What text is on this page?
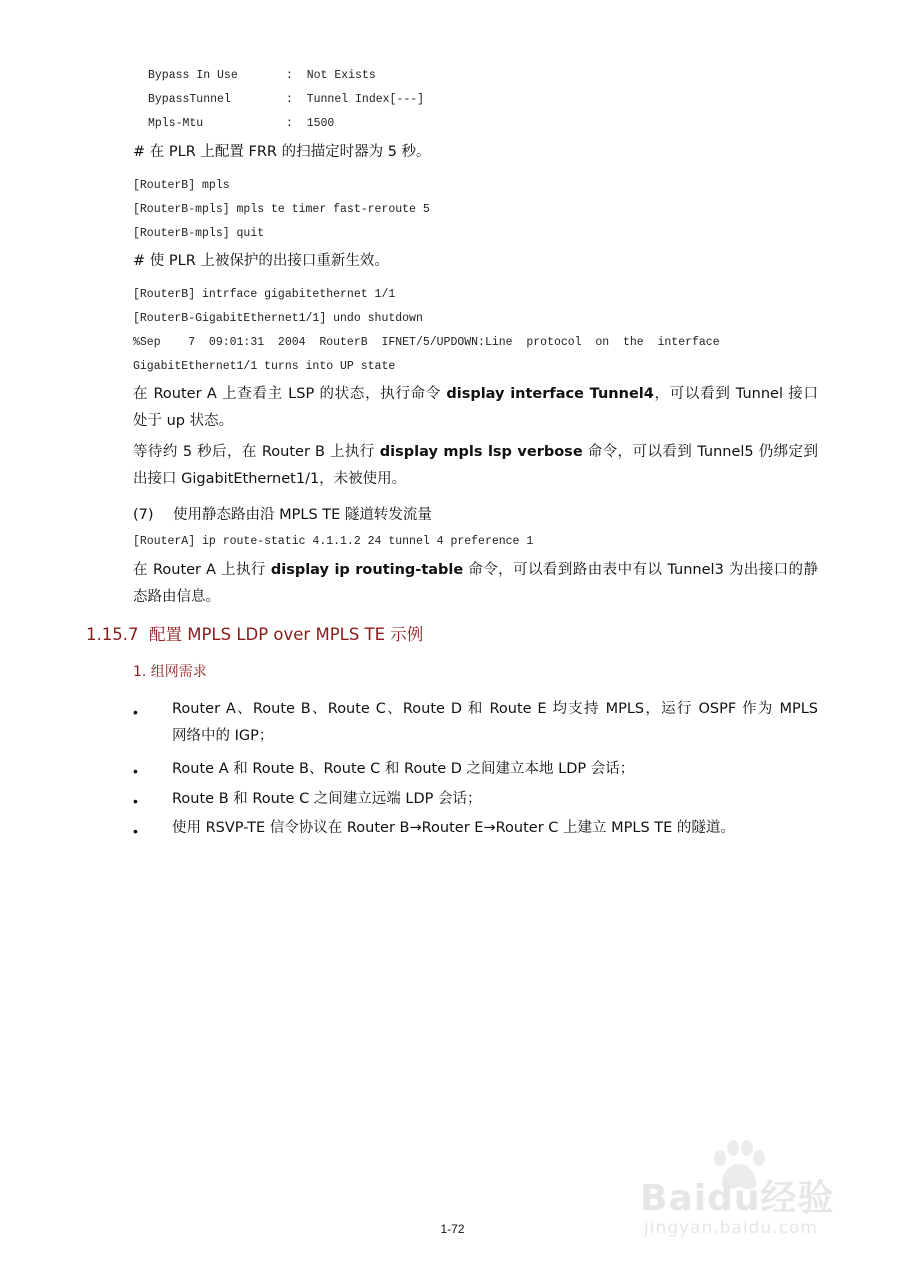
Bypass In Use       :  Not Exists
BypassTunnel        :  Tunnel Index[---]
Mpls-Mtu            :  1500

# 在 PLR 上配置 FRR 的扫描定时器为 5 秒。

[RouterB] mpls
[RouterB-mpls] mpls te timer fast-reroute 5
[RouterB-mpls] quit

# 使 PLR 上被保护的出接口重新生效。

[RouterB] intrface gigabitethernet 1/1
[RouterB-GigabitEthernet1/1] undo shutdown
%Sep    7  09:01:31  2004  RouterB  IFNET/5/UPDOWN:Line  protocol  on  the  interface
GigabitEthernet1/1 turns into UP state
在 Router A 上查看主 LSP 的状态，执行命令 display interface Tunnel4，可以看到 Tunnel 接口
处于 up 状态。
等待约 5 秒后，在 Router B 上执行 display mpls lsp verbose 命令，可以看到 Tunnel5 仍绑定到
出接口 GigabitEthernet1/1，未被使用。

(7) 使用静态路由沿 MPLS TE 隧道转发流量

[RouterA] ip route-static 4.1.1.2 24 tunnel 4 preference 1
在 Router A 上执行 display ip routing-table 命令，可以看到路由表中有以 Tunnel3 为出接口的静
态路由信息。
1.15.7 配置 MPLS LDP over MPLS TE 示例
1. 组网需求
•	Router A、Route B、Route C、Route D 和 Route E 均支持 MPLS，运行 OSPF 作为 MPLS
网络中的 IGP；
•	Route A 和 Route B、Route C 和 Route D 之间建立本地 LDP 会话；

•	Route B 和 Route C 之间建立远端 LDP 会话；

•	使用 RSVP-TE 信令协议在 Router B→Router E→Router C 上建立 MPLS TE 的隧道。

Baidu经验
jingyan.baidu.com
1-72
